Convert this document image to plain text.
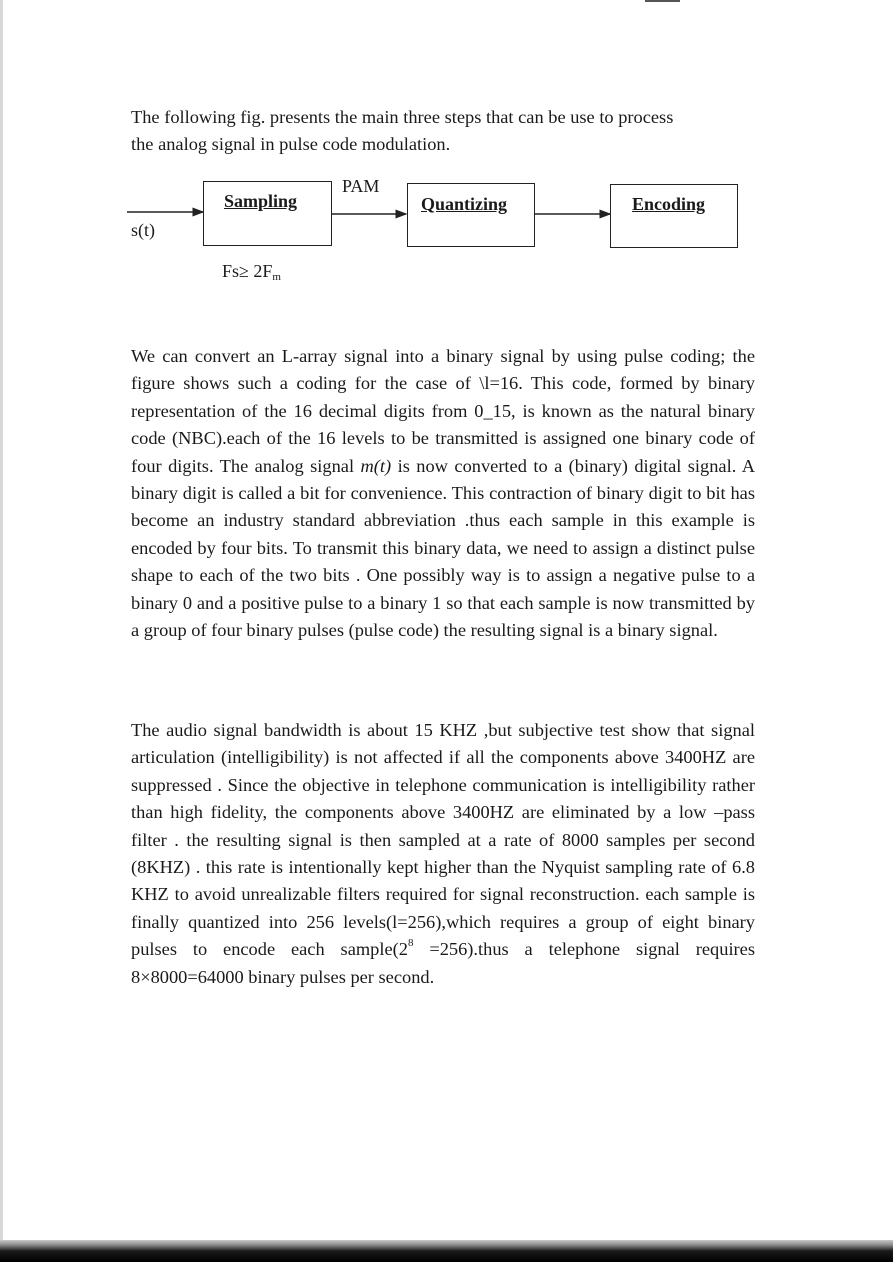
The following fig. presents the main three steps that can be use to process
the analog signal in pulse code modulation.
Sampling	Quantizing	Encoding
s(t)
PAM
Fs≥ 2Fm

We can convert an L-array signal into a binary signal by using pulse coding; the figure shows such a coding for the case of \l=16. This code, formed by binary representation of the 16 decimal digits from 0_15, is known as the natural binary code (NBC).each of the 16 levels to be transmitted is assigned one binary code of four digits. The analog signal m(t) is now converted to a (binary) digital signal. A binary digit is called a bit for convenience. This contraction of binary digit to bit has become an industry standard abbreviation .thus each sample in this example is encoded by four bits. To transmit this binary data, we need to assign a distinct pulse shape to each of the two bits . One possibly way is to assign a negative pulse to a binary 0 and a positive pulse to a binary 1 so that each sample is now transmitted by a group of four binary pulses (pulse code) the resulting signal is a binary signal.

The audio signal bandwidth is about 15 KHZ ,but subjective test show that signal articulation (intelligibility) is not affected if all the components above 3400HZ are suppressed . Since the objective in telephone communication is intelligibility rather than high fidelity, the components above 3400HZ are eliminated by a low –pass filter . the resulting signal is then sampled at a rate of 8000 samples per second (8KHZ) . this rate is intentionally kept higher than the Nyquist sampling rate of 6.8 KHZ to avoid unrealizable filters required for signal reconstruction. each sample is finally quantized into 256 levels(l=256),which requires a group of eight binary pulses to encode each $sample(2^8$ =256).thus a telephone signal requires 8×8000=64000 binary pulses per second.
